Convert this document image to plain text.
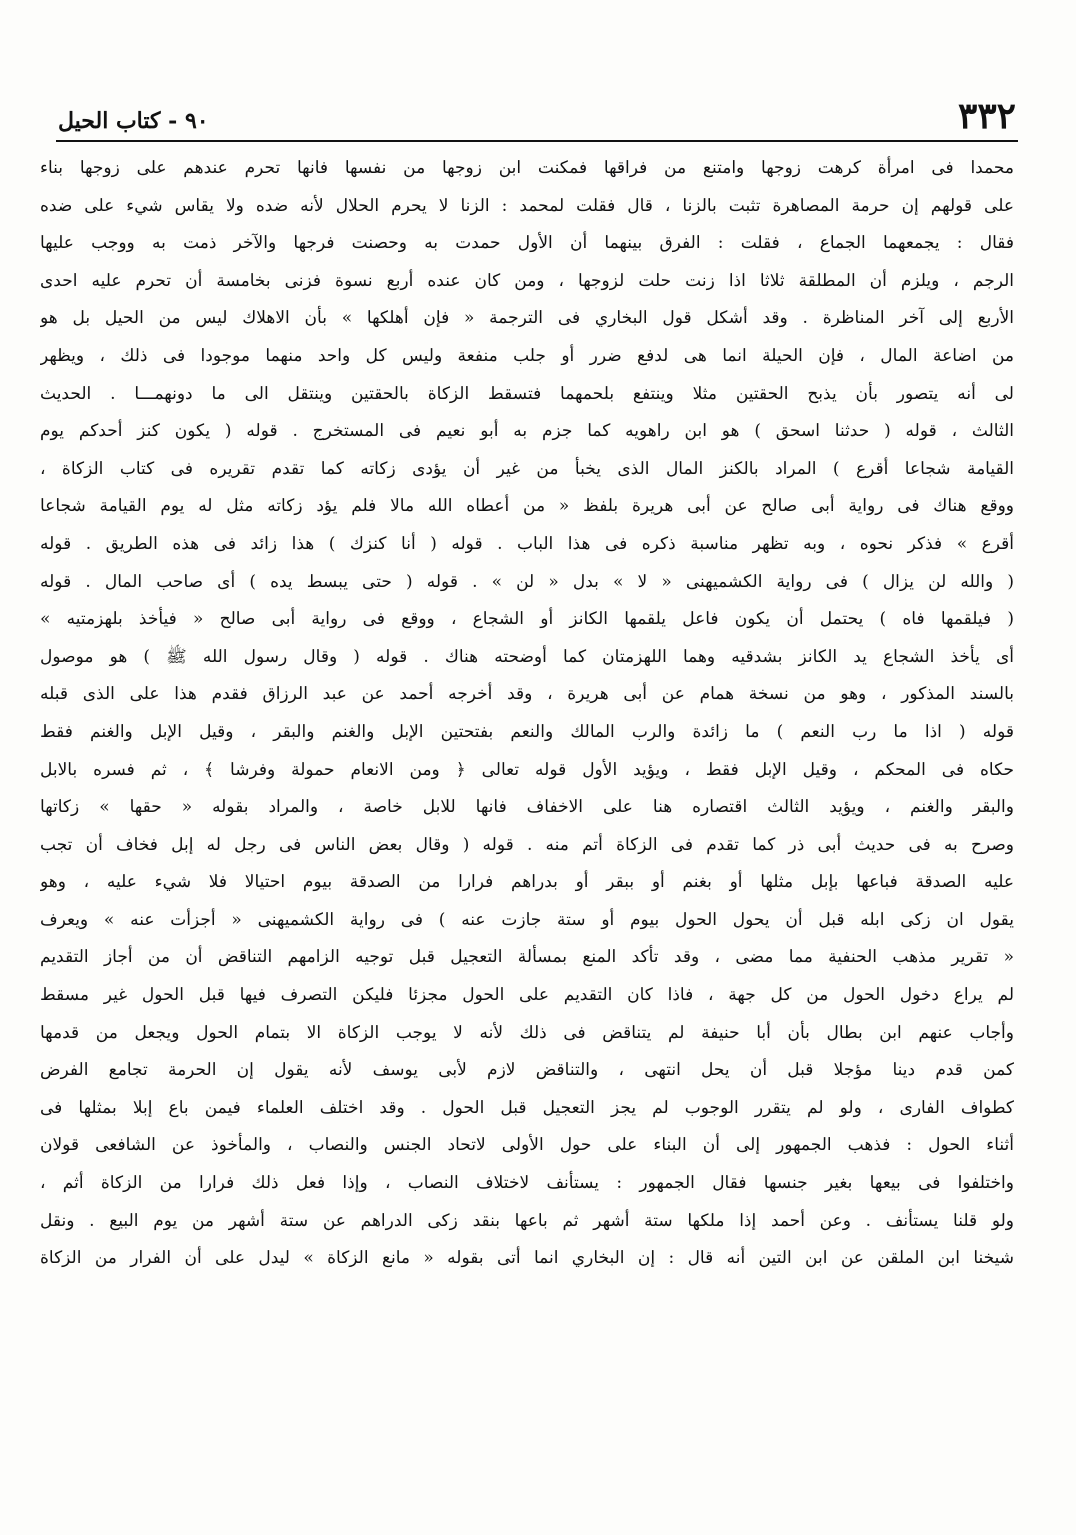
٣٣٢
٩٠ - كتاب الحيل
محمدا فى امرأة كرهت زوجها وامتنع من فراقها فمكنت ابن زوجها من نفسها فانها تحرم عندهم على زوجها بناء
على قولهم إن حرمة المصاهرة تثبت بالزنا ، قال فقلت لمحمد : الزنا لا يحرم الحلال لأنه ضده ولا يقاس شيء على ضده
فقال : يجمعهما الجماع ، فقلت : الفرق بينهما أن الأول حمدت به وحصنت فرجها والآخر ذمت به ووجب عليها
الرجم ، ويلزم أن المطلقة ثلاثا اذا زنت حلت لزوجها ، ومن كان عنده أربع نسوة فزنى بخامسة أن تحرم عليه احدى
الأربع إلى آخر المناظرة . وقد أشكل قول البخاري فى الترجمة « فإن أهلكها » بأن الاهلاك ليس من الحيل بل هو
من اضاعة المال ، فإن الحيلة انما هى لدفع ضرر أو جلب منفعة وليس كل واحد منهما موجودا فى ذلك ، ويظهر
لى أنه يتصور بأن يذبح الحقتين مثلا وينتفع بلحمهما فتسقط الزكاة بالحقتين وينتقل الى ما دونهمـــا . الحديث
الثالث ، قوله ( حدثنا اسحق ) هو ابن راهويه كما جزم به أبو نعيم فى المستخرج . قوله ( يكون كنز أحدكم يوم
القيامة شجاعا أقرع ) المراد بالكنز المال الذى يخبأ من غير أن يؤدى زكاته كما تقدم تقريره فى كتاب الزكاة ،
ووقع هناك فى رواية أبى صالح عن أبى هريرة بلفظ « من أعطاه الله مالا فلم يؤد زكاته مثل له يوم القيامة شجاعا
أقرع » فذكر نحوه ، وبه تظهر مناسبة ذكره فى هذا الباب . قوله ( أنا كنزك ) هذا زائد فى هذه الطريق . قوله
( والله لن يزال ) فى رواية الكشميهنى « لا » بدل « لن » . قوله ( حتى يبسط يده ) أى صاحب المال . قوله
( فيلقمها فاه ) يحتمل أن يكون فاعل يلقمها الكانز أو الشجاع ، ووقع فى رواية أبى صالح « فيأخذ بلهزمتيه »
أى يأخذ الشجاع يد الكانز بشدقيه وهما اللهزمتان كما أوضحته هناك . قوله ( وقال رسول الله ﷺ ) هو موصول
بالسند المذكور ، وهو من نسخة همام عن أبى هريرة ، وقد أخرجه أحمد عن عبد الرزاق فقدم هذا على الذى قبله
قوله ( اذا ما رب النعم ) ما زائدة والرب المالك والنعم بفتحتين الإبل والغنم والبقر ، وقيل الإبل والغنم فقط
حكاه فى المحكم ، وقيل الإبل فقط ، ويؤيد الأول قوله تعالى ﴿ ومن الانعام حمولة وفرشا ﴾ ، ثم فسره بالابل
والبقر والغنم ، ويؤيد الثالث اقتصاره هنا على الاخفاف فانها للابل خاصة ، والمراد بقوله « حقها » زكاتها
وصرح به فى حديث أبى ذر كما تقدم فى الزكاة أتم منه . قوله ( وقال بعض الناس فى رجل له إبل فخاف أن تجب
عليه الصدقة فباعها بإبل مثلها أو بغنم أو ببقر أو بدراهم فرارا من الصدقة بيوم احتيالا فلا شيء عليه ، وهو
يقول ان زكى ابله قبل أن يحول الحول بيوم أو ستة جازت عنه ) فى رواية الكشميهنى « أجزأت عنه » ويعرف
« تقرير مذهب الحنفية مما مضى ، وقد تأكد المنع بمسألة التعجيل قبل توجيه الزامهم التناقض أن من أجاز التقديم
لم يراع دخول الحول من كل جهة ، فاذا كان التقديم على الحول مجزئا فليكن التصرف فيها قبل الحول غير مسقط
وأجاب عنهم ابن بطال بأن أبا حنيفة لم يتناقض فى ذلك لأنه لا يوجب الزكاة الا بتمام الحول ويجعل من قدمها
كمن قدم دينا مؤجلا قبل أن يحل انتهى ، والتناقض لازم لأبى يوسف لأنه يقول إن الحرمة تجامع الفرض
كطواف الفارى ، ولو لم يتقرر الوجوب لم يجز التعجيل قبل الحول . وقد اختلف العلماء فيمن باع إبلا بمثلها فى
أثناء الحول : فذهب الجمهور إلى أن البناء على حول الأولى لاتحاد الجنس والنصاب ، والمأخوذ عن الشافعى قولان
واختلفوا فى بيعها بغير جنسها فقال الجمهور : يستأنف لاختلاف النصاب ، وإذا فعل ذلك فرارا من الزكاة أثم ،
ولو قلنا يستأنف . وعن أحمد إذا ملكها ستة أشهر ثم باعها بنقد زكى الدراهم عن ستة أشهر من يوم البيع . ونقل
شيخنا ابن الملقن عن ابن التين أنه قال : إن البخاري انما أتى بقوله « مانع الزكاة » ليدل على أن الفرار من الزكاة
